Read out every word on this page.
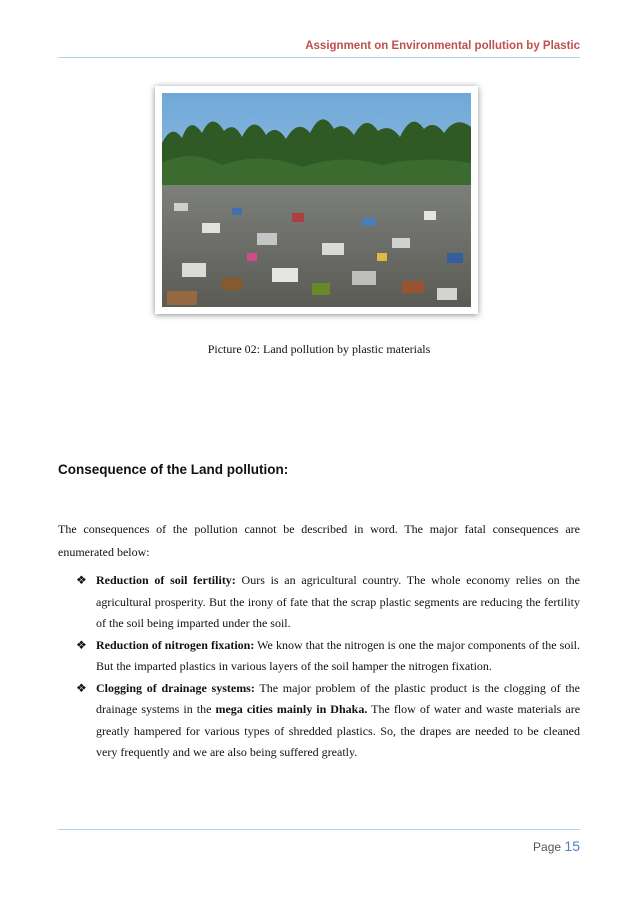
Assignment on Environmental pollution by Plastic
Picture 02: Land pollution by plastic materials
Consequence of the Land pollution:
The consequences of the pollution cannot be described in word. The major fatal consequences are enumerated below:
❖ Reduction of soil fertility: Ours is an agricultural country. The whole economy relies on the agricultural prosperity. But the irony of fate that the scrap plastic segments are reducing the fertility of the soil being imparted under the soil.
❖ Reduction of nitrogen fixation: We know that the nitrogen is one the major components of the soil. But the imparted plastics in various layers of the soil hamper the nitrogen fixation.
❖ Clogging of drainage systems: The major problem of the plastic product is the clogging of the drainage systems in the mega cities mainly in Dhaka. The flow of water and waste materials are greatly hampered for various types of shredded plastics. So, the drapes are needed to be cleaned very frequently and we are also being suffered greatly.
Page 15
